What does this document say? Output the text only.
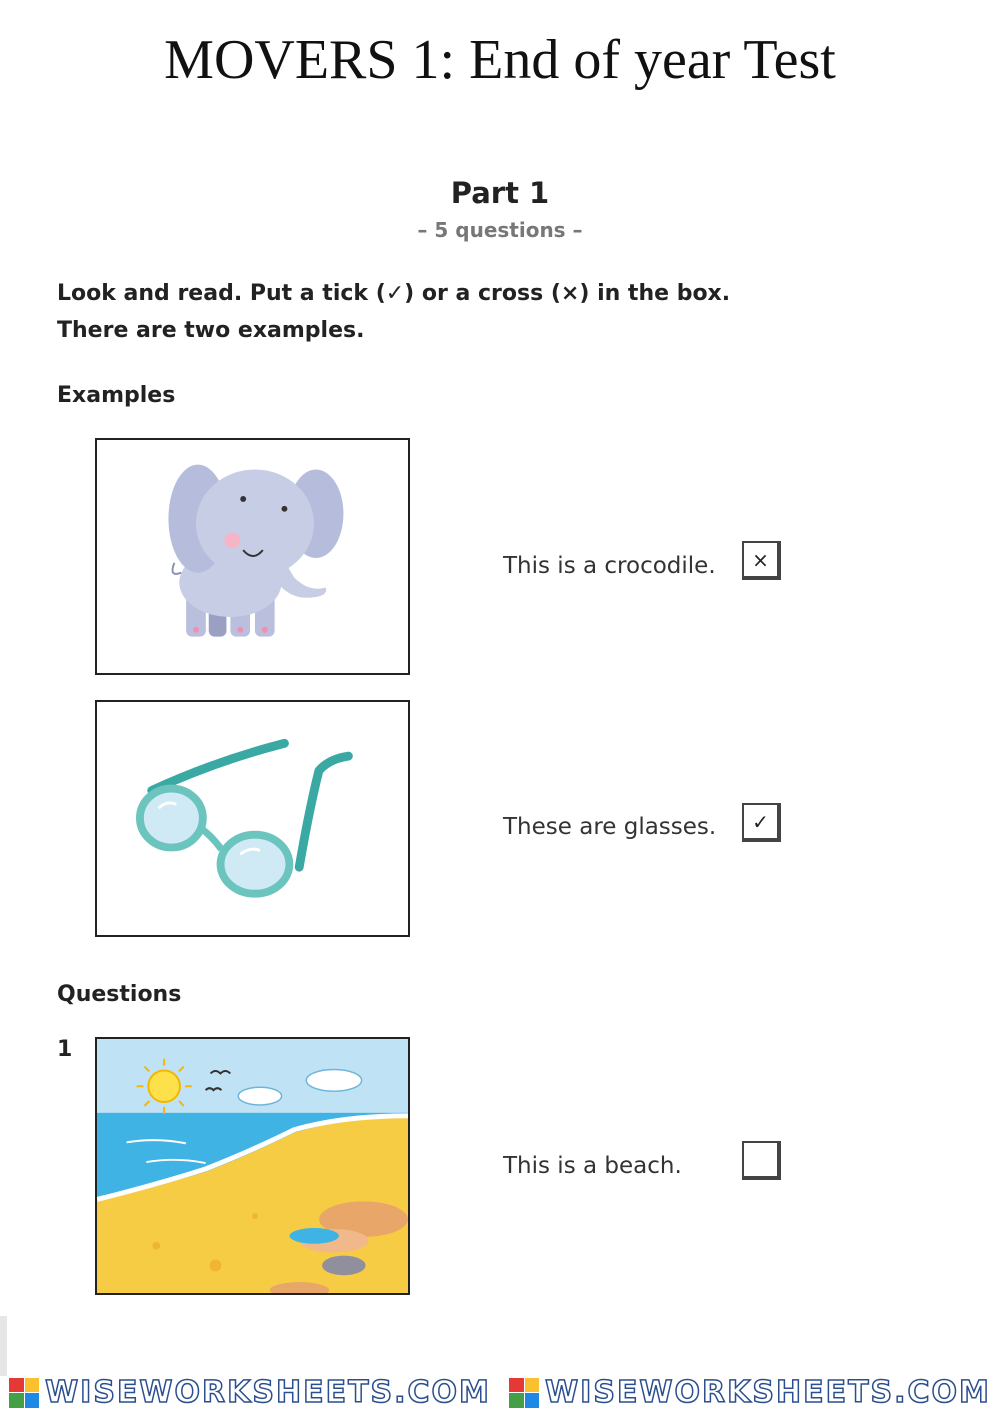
MOVERS 1: End of year Test
Part 1
– 5 questions –
Look and read. Put a tick (✓) or a cross (×) in the box.
There are two examples.
Examples
This is a crocodile.	×
These are glasses.	✓
Questions
1
This is a beach.
WISEWORKSHEETS.COM WISEWORKSHEETS.COM
